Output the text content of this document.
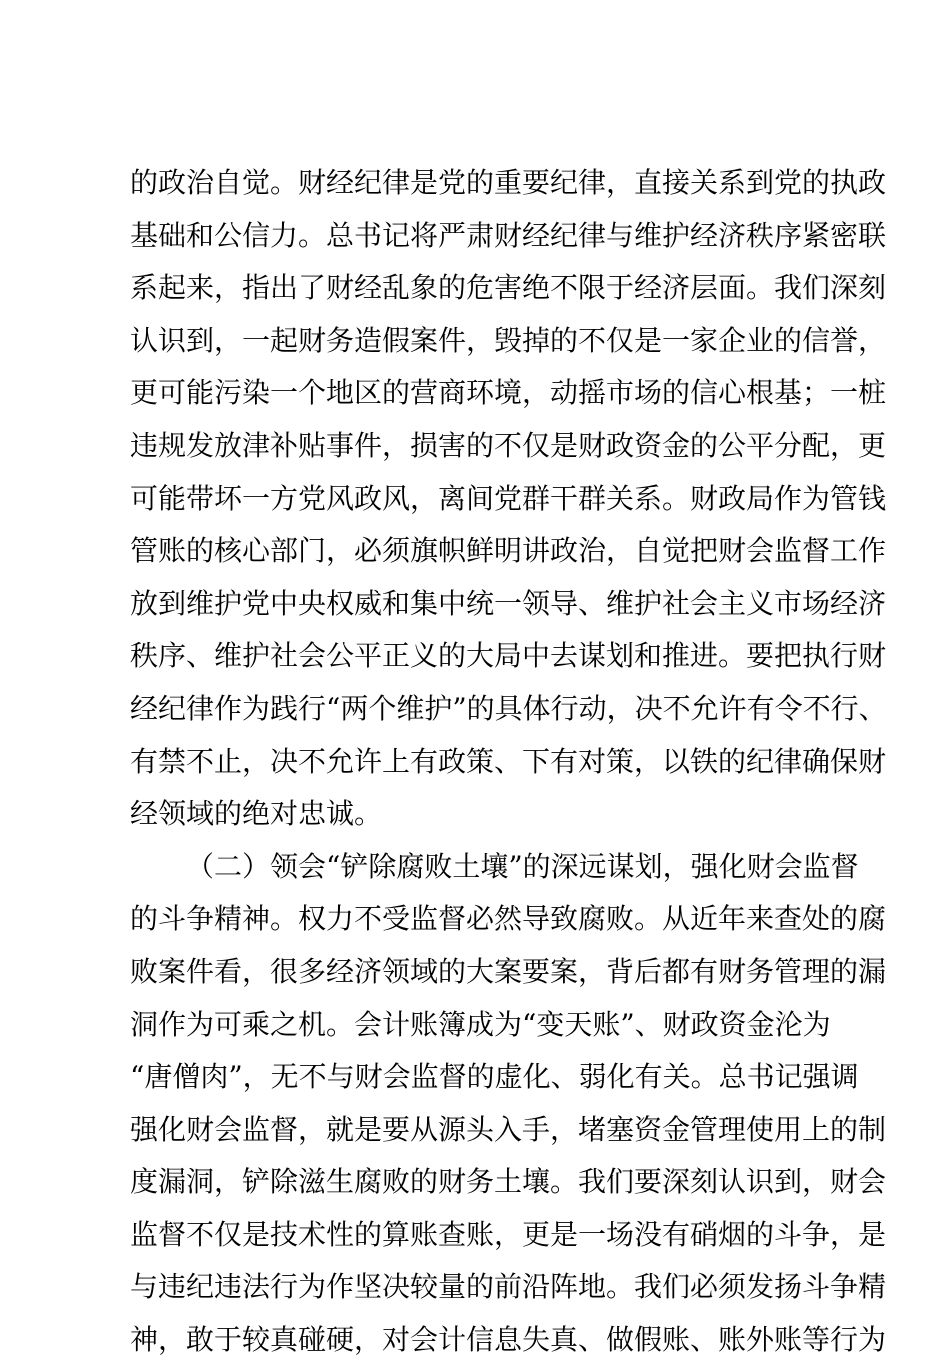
的政治自觉。财经纪律是党的重要纪律，直接关系到党的执政
基础和公信力。总书记将严肃财经纪律与维护经济秩序紧密联
系起来，指出了财经乱象的危害绝不限于经济层面。我们深刻
认识到，一起财务造假案件，毁掉的不仅是一家企业的信誉，
更可能污染一个地区的营商环境，动摇市场的信心根基；一桩
违规发放津补贴事件，损害的不仅是财政资金的公平分配，更
可能带坏一方党风政风，离间党群干群关系。财政局作为管钱
管账的核心部门，必须旗帜鲜明讲政治，自觉把财会监督工作
放到维护党中央权威和集中统一领导、维护社会主义市场经济
秩序、维护社会公平正义的大局中去谋划和推进。要把执行财
经纪律作为践行“两个维护”的具体行动，决不允许有令不行、
有禁不止，决不允许上有政策、下有对策，以铁的纪律确保财
经领域的绝对忠诚。
（二）领会“铲除腐败土壤”的深远谋划，强化财会监督
的斗争精神。权力不受监督必然导致腐败。从近年来查处的腐
败案件看，很多经济领域的大案要案，背后都有财务管理的漏
洞作为可乘之机。会计账簿成为“变天账”、财政资金沦为
“唐僧肉”，无不与财会监督的虚化、弱化有关。总书记强调
强化财会监督，就是要从源头入手，堵塞资金管理使用上的制
度漏洞，铲除滋生腐败的财务土壤。我们要深刻认识到，财会
监督不仅是技术性的算账查账，更是一场没有硝烟的斗争，是
与违纪违法行为作坚决较量的前沿阵地。我们必须发扬斗争精
神，敢于较真碰硬，对会计信息失真、做假账、账外账等行为
